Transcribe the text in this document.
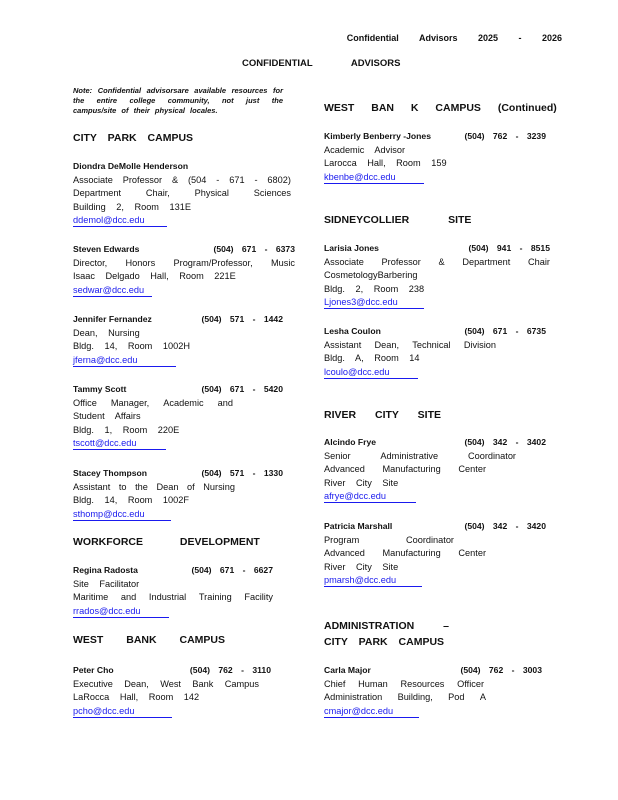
Confidential Advisors 2025 - 2026
CONFIDENTIAL ADVISORS
Note: Confidential advisorsare available resources for the entire college community, not just the campus/site of their physical locales.
CITY PARK CAMPUS
Diondra DeMolle Henderson
Associate Professor & (504 - 671 - 6802)
Department	Chair,	Physical	Sciences
Building 2, Room 131E
ddemol@dcc.edu
Steven Edwards	(504) 671 - 6373
Director, Honors Program/Professor, Music
Isaac Delgado Hall, Room 221E
sedwar@dcc.edu
Jennifer Fernandez	(504) 571 - 1442
Dean, Nursing
Bldg. 14, Room 1002H
jferna@dcc.edu
Tammy Scott	(504) 671 - 5420
Office Manager, Academic and
Student Affairs
Bldg. 1, Room 220E
tscott@dcc.edu
Stacey Thompson	(504) 571 - 1330
Assistant to the Dean of Nursing
Bldg. 14, Room 1002F
sthomp@dcc.edu
WORKFORCE DEVELOPMENT
Regina Radosta	(504) 671 - 6627
Site Facilitator
Maritime and Industrial Training Facility
rrados@dcc.edu
WEST BANK CAMPUS
Peter Cho	(504) 762 - 3110
Executive Dean, West Bank Campus
LaRocca Hall, Room 142
pcho@dcc.edu
WEST BAN K CAMPUS (Continued)
Kimberly Benberry -Jones	(504) 762 - 3239
Academic Advisor
Larocca Hall, Room 159
kbenbe@dcc.edu
SIDNEYCOLLIER SITE
Larisia Jones	(504) 941 - 8515
Associate Professor & Department Chair
CosmetologyBarbering
Bldg. 2, Room 238
Ljones3@dcc.edu
Lesha Coulon	(504) 671 - 6735
Assistant Dean, Technical Division
Bldg. A, Room 14
lcoulo@dcc.edu
RIVER CITY SITE
Alcindo Frye	(504) 342 - 3402
Senior	Administrative	Coordinator
Advanced Manufacturing Center
River City Site
afrye@dcc.edu
Patricia Marshall	(504) 342 - 3420
Program	Coordinator
Advanced Manufacturing Center
River City Site
pmarsh@dcc.edu
ADMINISTRATION –
CITY PARK CAMPUS
Carla Major	(504) 762 - 3003
Chief Human Resources Officer
Administration Building, Pod A
cmajor@dcc.edu
